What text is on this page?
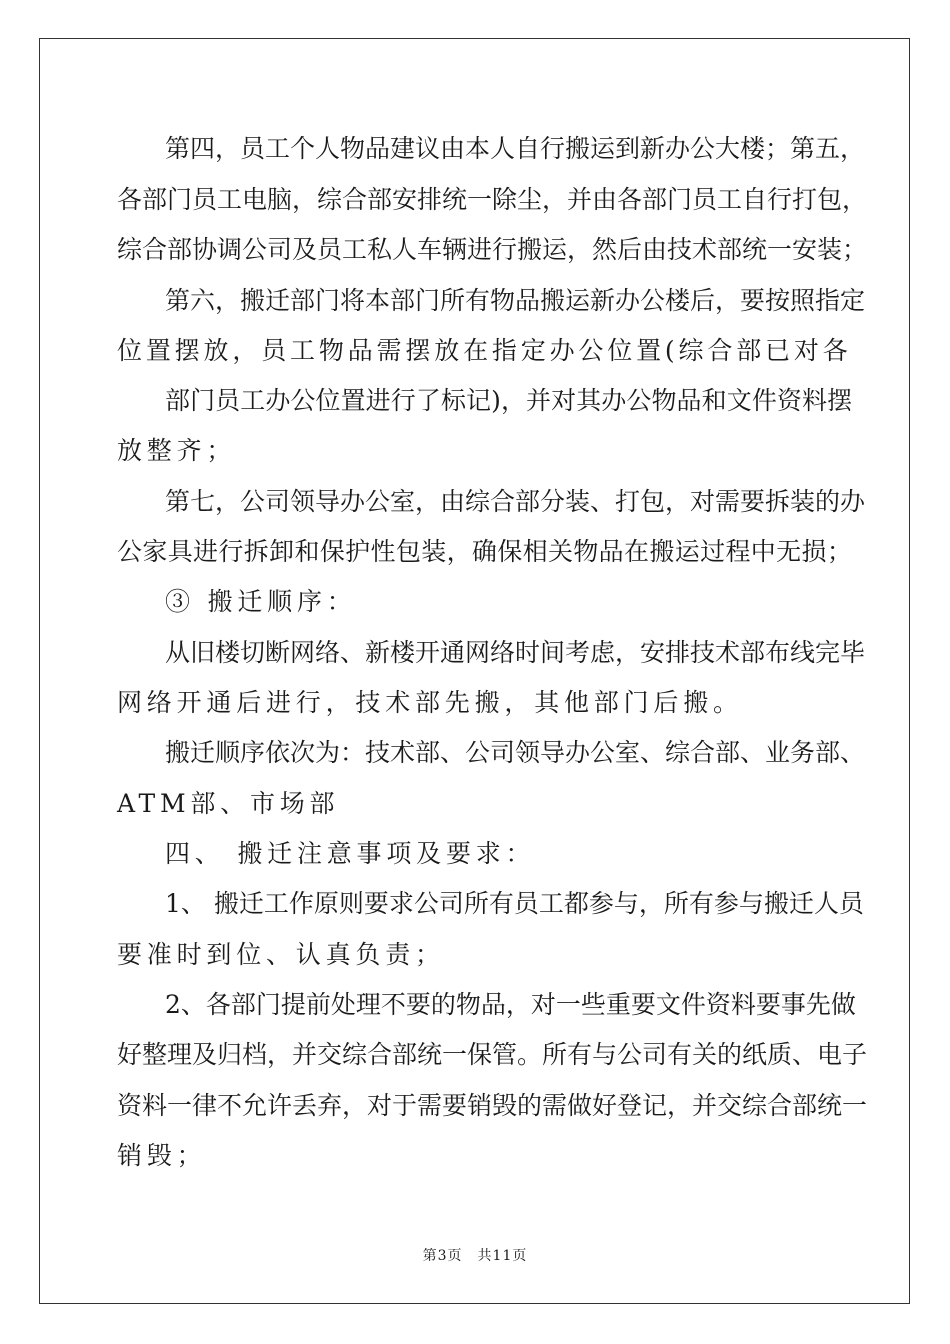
第四，员工个人物品建议由本人自行搬运到新办公大楼；第五，
各部门员工电脑，综合部安排统一除尘，并由各部门员工自行打包，
综合部协调公司及员工私人车辆进行搬运，然后由技术部统一安装；
第六，搬迁部门将本部门所有物品搬运新办公楼后，要按照指定
位置摆放，员工物品需摆放在指定办公位置(综合部已对各
部门员工办公位置进行了标记)，并对其办公物品和文件资料摆
放整齐；
第七，公司领导办公室，由综合部分装、打包，对需要拆装的办
公家具进行拆卸和保护性包装，确保相关物品在搬运过程中无损；
③ 搬迁顺序：
从旧楼切断网络、新楼开通网络时间考虑，安排技术部布线完毕
网络开通后进行，技术部先搬，其他部门后搬。
搬迁顺序依次为：技术部、公司领导办公室、综合部、业务部、
ATM部、市场部
四、 搬迁注意事项及要求：
1、 搬迁工作原则要求公司所有员工都参与，所有参与搬迁人员
要准时到位、认真负责；
2、各部门提前处理不要的物品，对一些重要文件资料要事先做
好整理及归档，并交综合部统一保管。所有与公司有关的纸质、电子
资料一律不允许丢弃，对于需要销毁的需做好登记，并交综合部统一
销毁；
第3页　共11页
